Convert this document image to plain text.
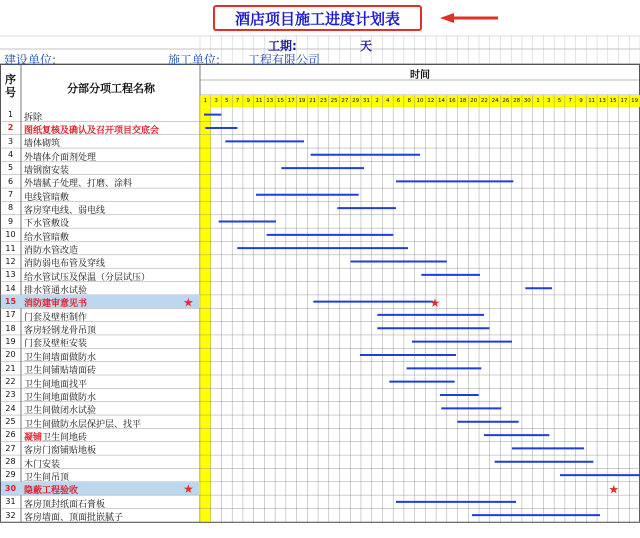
★
★
★
★
酒店项目施工进度计划表
工期:	天
建设单位:	施工单位: 工程有限公司
序号	分部分项工程名称
时间
1	3	5	7	9 11 13 15 17 19 21 23 25 27 29 31 2	4	6	8 10 12 14 16 18 20 22 24 26 28 30 1	3	5	7	9 11 13 15 17 19
1	拆除
2	图纸复核及确认及召开项目交底会
3	墙体砌筑
4	外墙体介面剂处理
5	墙钢窗安装
6	外墙腻子处理、打磨、涂料
7	电线管暗敷
8	客房穿电线、弱电线
9	下水管敷设
10 给水管暗敷
11 消防水管改造
12 消防弱电布管及穿线
13 给水管试压及保温（分层试压）
14 排水管通水试验
15 消防建审意见书
17 门套及壁柜制作
18 客房轻钢龙骨吊顶
19 门套及壁柜安装
20 卫生间墙面做防水
21 卫生间铺贴墙面砖
22 卫生间地面找平
23 卫生间地面做防水
24 卫生间做闭水试验
25 卫生间做防水层保护层、找平
26 凝铺卫生间地砖
27 客房门窗铺贴地板
28 木门安装
29 卫生间吊顶
30 隐蔽工程验收
31 客房顶封纸面石膏板
32 客房墙面、顶面批嵌腻子
